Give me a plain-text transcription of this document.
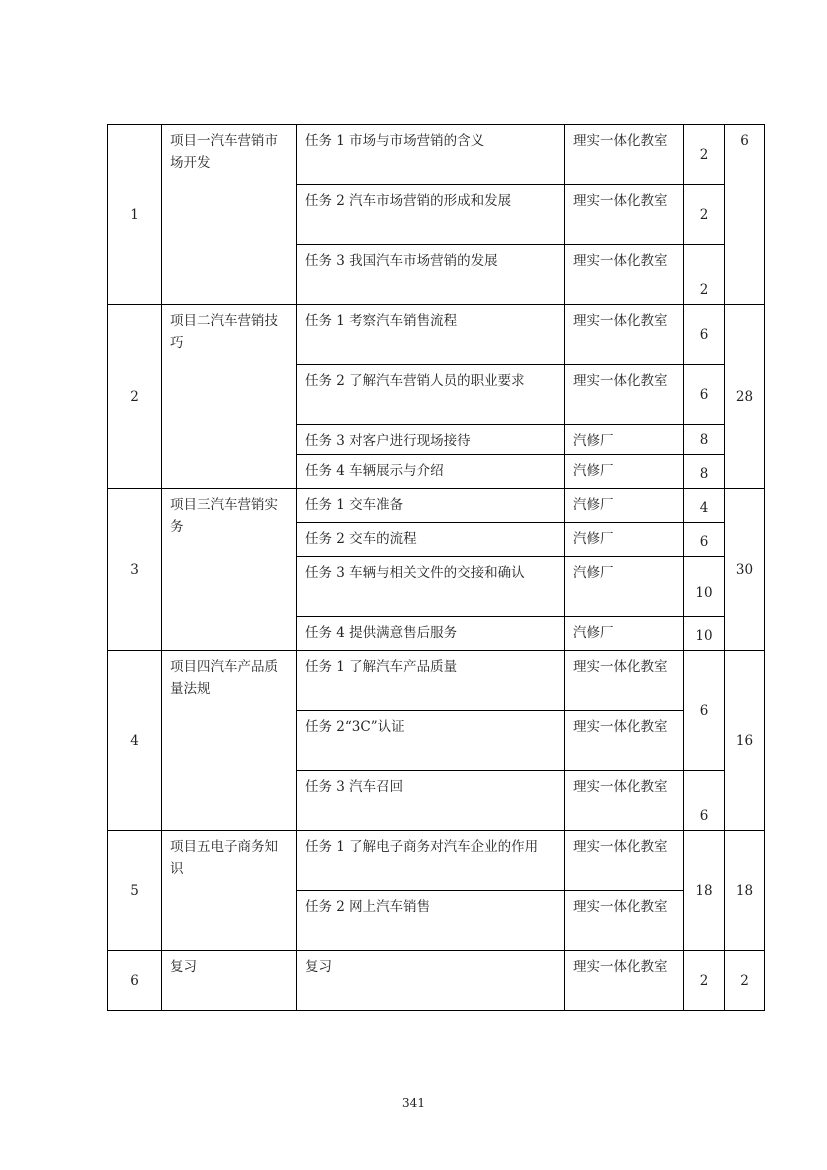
1	项目一汽车营销市场开发	任务 1 市场与市场营销的含义	理实一体化教室	2	6
		任务 2 汽车市场营销的形成和发展	理实一体化教室	2	
		任务 3 我国汽车市场营销的发展	理实一体化教室	2	
2	项目二汽车营销技巧	任务 1 考察汽车销售流程	理实一体化教室	6	28
		任务 2 了解汽车营销人员的职业要求	理实一体化教室	6	
		任务 3 对客户进行现场接待	汽修厂	8	
		任务 4 车辆展示与介绍	汽修厂	8	
3	项目三汽车营销实务	任务 1 交车准备	汽修厂	4	30
		任务 2 交车的流程	汽修厂	6	
		任务 3 车辆与相关文件的交接和确认	汽修厂	10	
		任务 4 提供满意售后服务	汽修厂	10	
4	项目四汽车产品质量法规	任务 1 了解汽车产品质量	理实一体化教室	6	16
		任务 2“3C”认证	理实一体化教室		
		任务 3 汽车召回	理实一体化教室	6	
5	项目五电子商务知识	任务 1 了解电子商务对汽车企业的作用	理实一体化教室	18	18
		任务 2 网上汽车销售	理实一体化教室		
6	复习	复习	理实一体化教室	2	2
341
